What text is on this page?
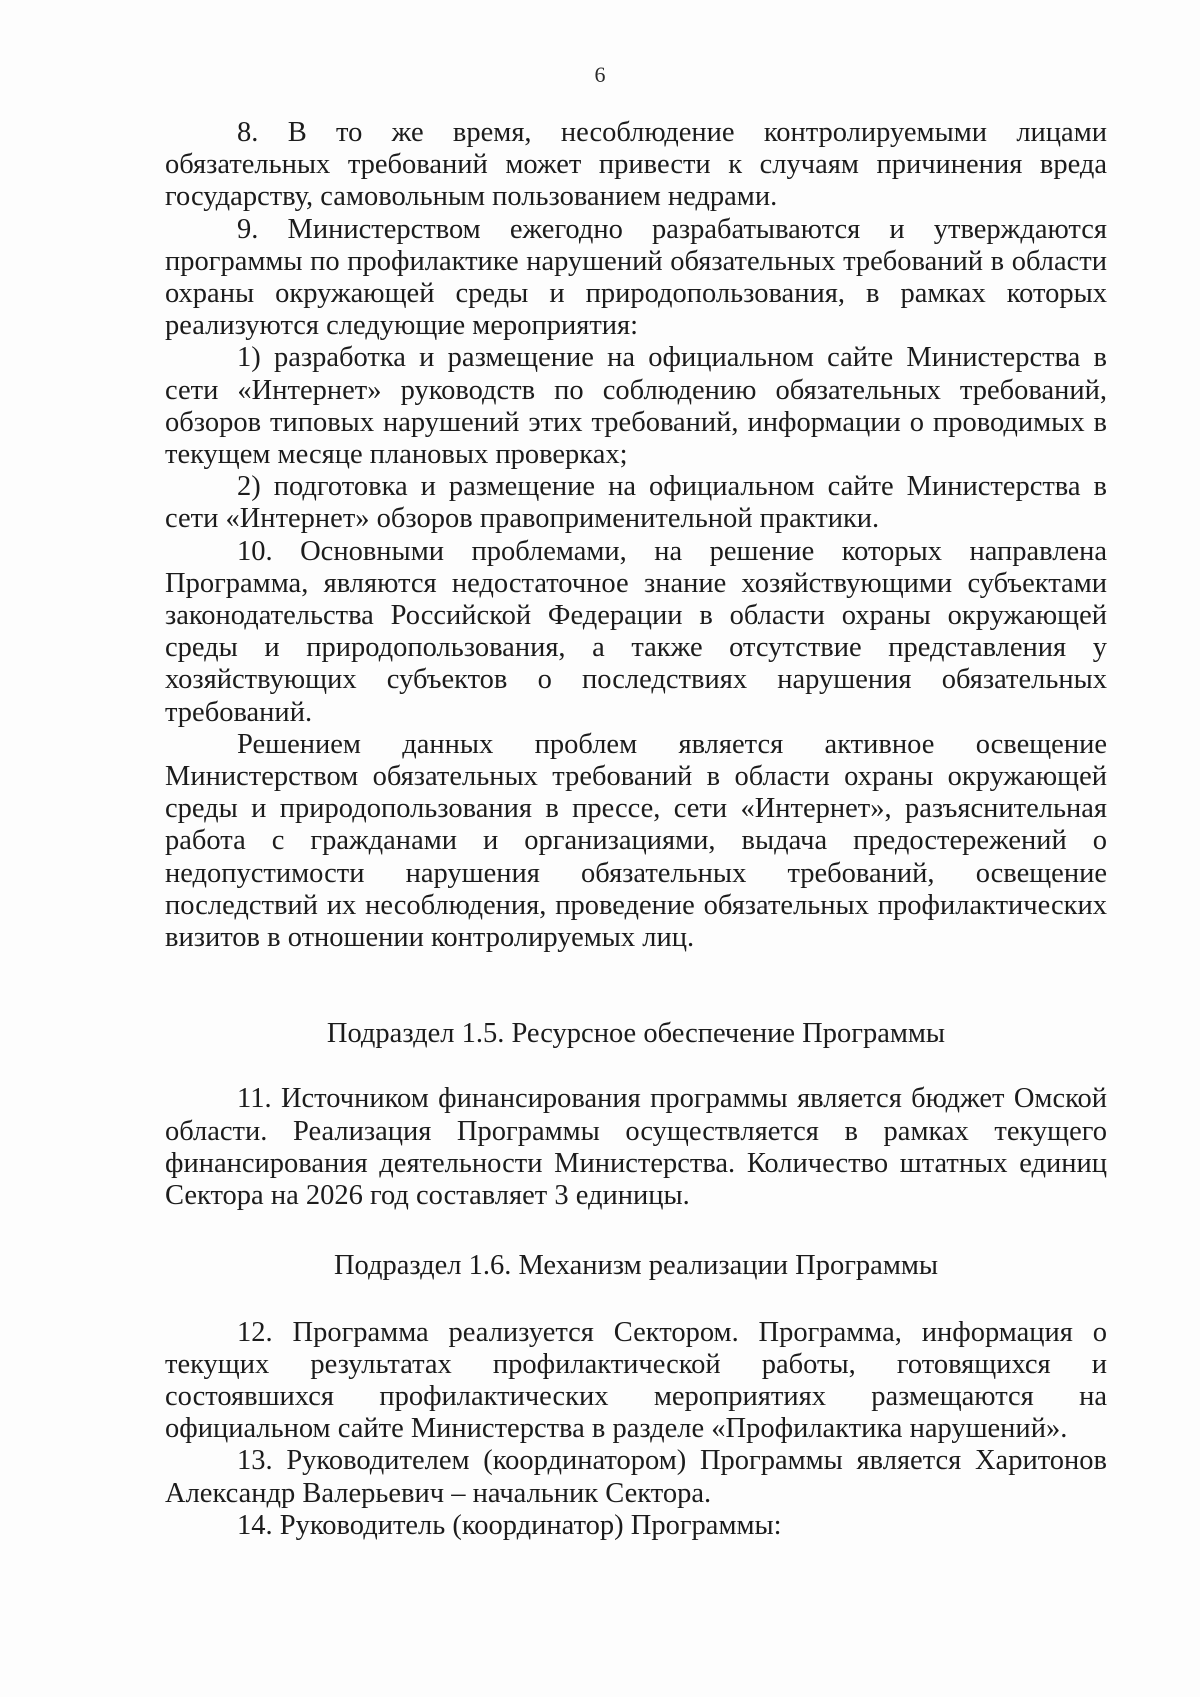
6

8. В то же время, несоблюдение контролируемыми лицами обязательных требований может привести к случаям причинения вреда государству, самовольным пользованием недрами.

9. Министерством ежегодно разрабатываются и утверждаются программы по профилактике нарушений обязательных требований в области охраны окружающей среды и природопользования, в рамках которых реализуются следующие мероприятия:

1) разработка и размещение на официальном сайте Министерства в сети «Интернет» руководств по соблюдению обязательных требований, обзоров типовых нарушений этих требований, информации о проводимых в текущем месяце плановых проверках;

2) подготовка и размещение на официальном сайте Министерства в сети «Интернет» обзоров правоприменительной практики.

10. Основными проблемами, на решение которых направлена Программа, являются недостаточное знание хозяйствующими субъектами законодательства Российской Федерации в области охраны окружающей среды и природопользования, а также отсутствие представления у хозяйствующих субъектов о последствиях нарушения обязательных требований.

Решением данных проблем является активное освещение Министерством обязательных требований в области охраны окружающей среды и природопользования в прессе, сети «Интернет», разъяснительная работа с гражданами и организациями, выдача предостережений о недопустимости нарушения обязательных требований, освещение последствий их несоблюдения, проведение обязательных профилактических визитов в отношении контролируемых лиц.

Подраздел 1.5. Ресурсное обеспечение Программы

11. Источником финансирования программы является бюджет Омской области. Реализация Программы осуществляется в рамках текущего финансирования деятельности Министерства. Количество штатных единиц Сектора на 2026 год составляет 3 единицы.

Подраздел 1.6. Механизм реализации Программы

12. Программа реализуется Сектором. Программа, информация о текущих результатах профилактической работы, готовящихся и состоявшихся профилактических мероприятиях размещаются на официальном сайте Министерства в разделе «Профилактика нарушений».

13. Руководителем (координатором) Программы является Харитонов Александр Валерьевич – начальник Сектора.

14. Руководитель (координатор) Программы:
